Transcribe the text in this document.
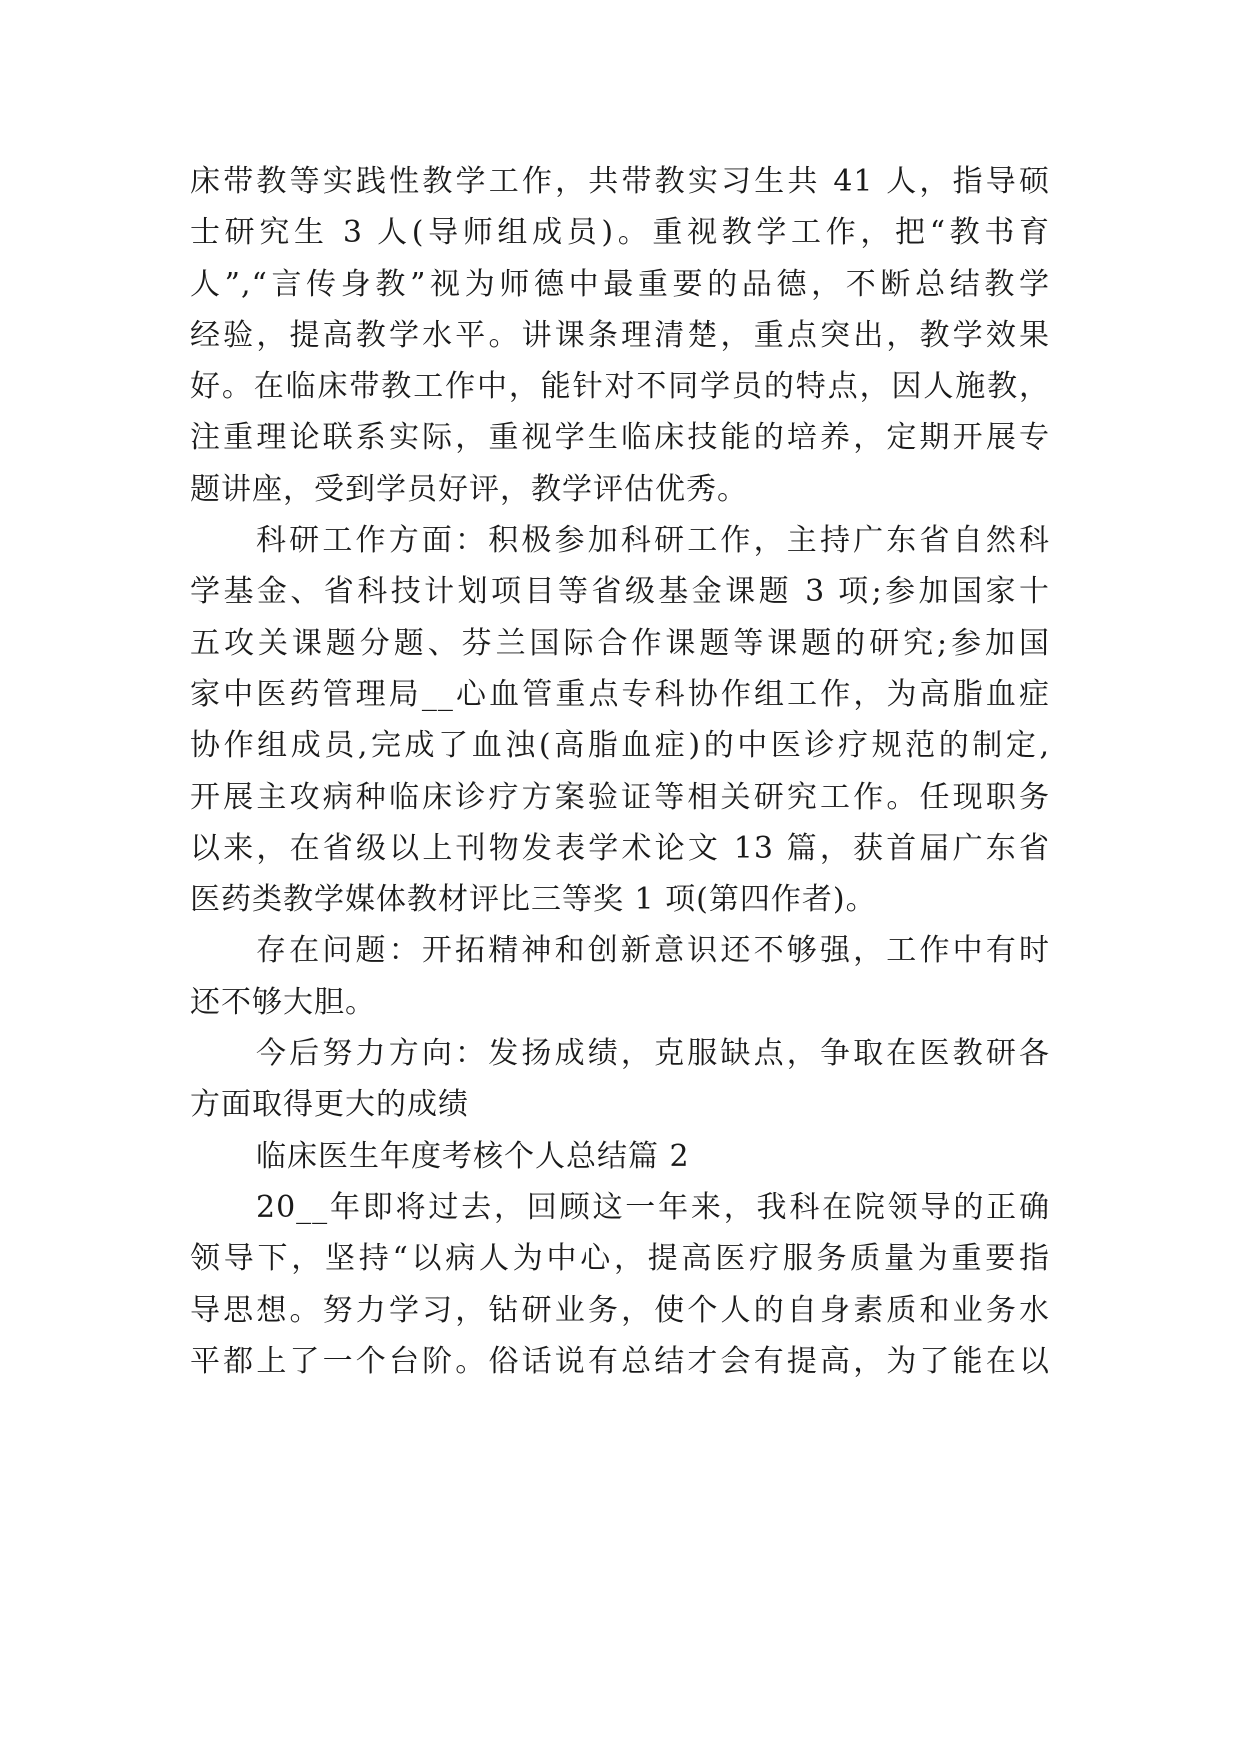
床带教等实践性教学工作，共带教实习生共 41 人，指导硕
士研究生 3 人(导师组成员)。重视教学工作，把“教书育
人”,“言传身教”视为师德中最重要的品德，不断总结教学
经验，提高教学水平。讲课条理清楚，重点突出，教学效果
好。在临床带教工作中，能针对不同学员的特点，因人施教，
注重理论联系实际，重视学生临床技能的培养，定期开展专
题讲座，受到学员好评，教学评估优秀。
科研工作方面：积极参加科研工作，主持广东省自然科
学基金、省科技计划项目等省级基金课题 3 项;参加国家十
五攻关课题分题、芬兰国际合作课题等课题的研究;参加国
家中医药管理局__心血管重点专科协作组工作，为高脂血症
协作组成员,完成了血浊(高脂血症)的中医诊疗规范的制定,
开展主攻病种临床诊疗方案验证等相关研究工作。任现职务
以来，在省级以上刊物发表学术论文 13 篇，获首届广东省
医药类教学媒体教材评比三等奖 1 项(第四作者)。
存在问题：开拓精神和创新意识还不够强，工作中有时
还不够大胆。
今后努力方向：发扬成绩，克服缺点，争取在医教研各
方面取得更大的成绩
临床医生年度考核个人总结篇 2
20__年即将过去，回顾这一年来，我科在院领导的正确
领导下，坚持“以病人为中心，提高医疗服务质量为重要指
导思想。努力学习，钻研业务，使个人的自身素质和业务水
平都上了一个台阶。俗话说有总结才会有提高，为了能在以
